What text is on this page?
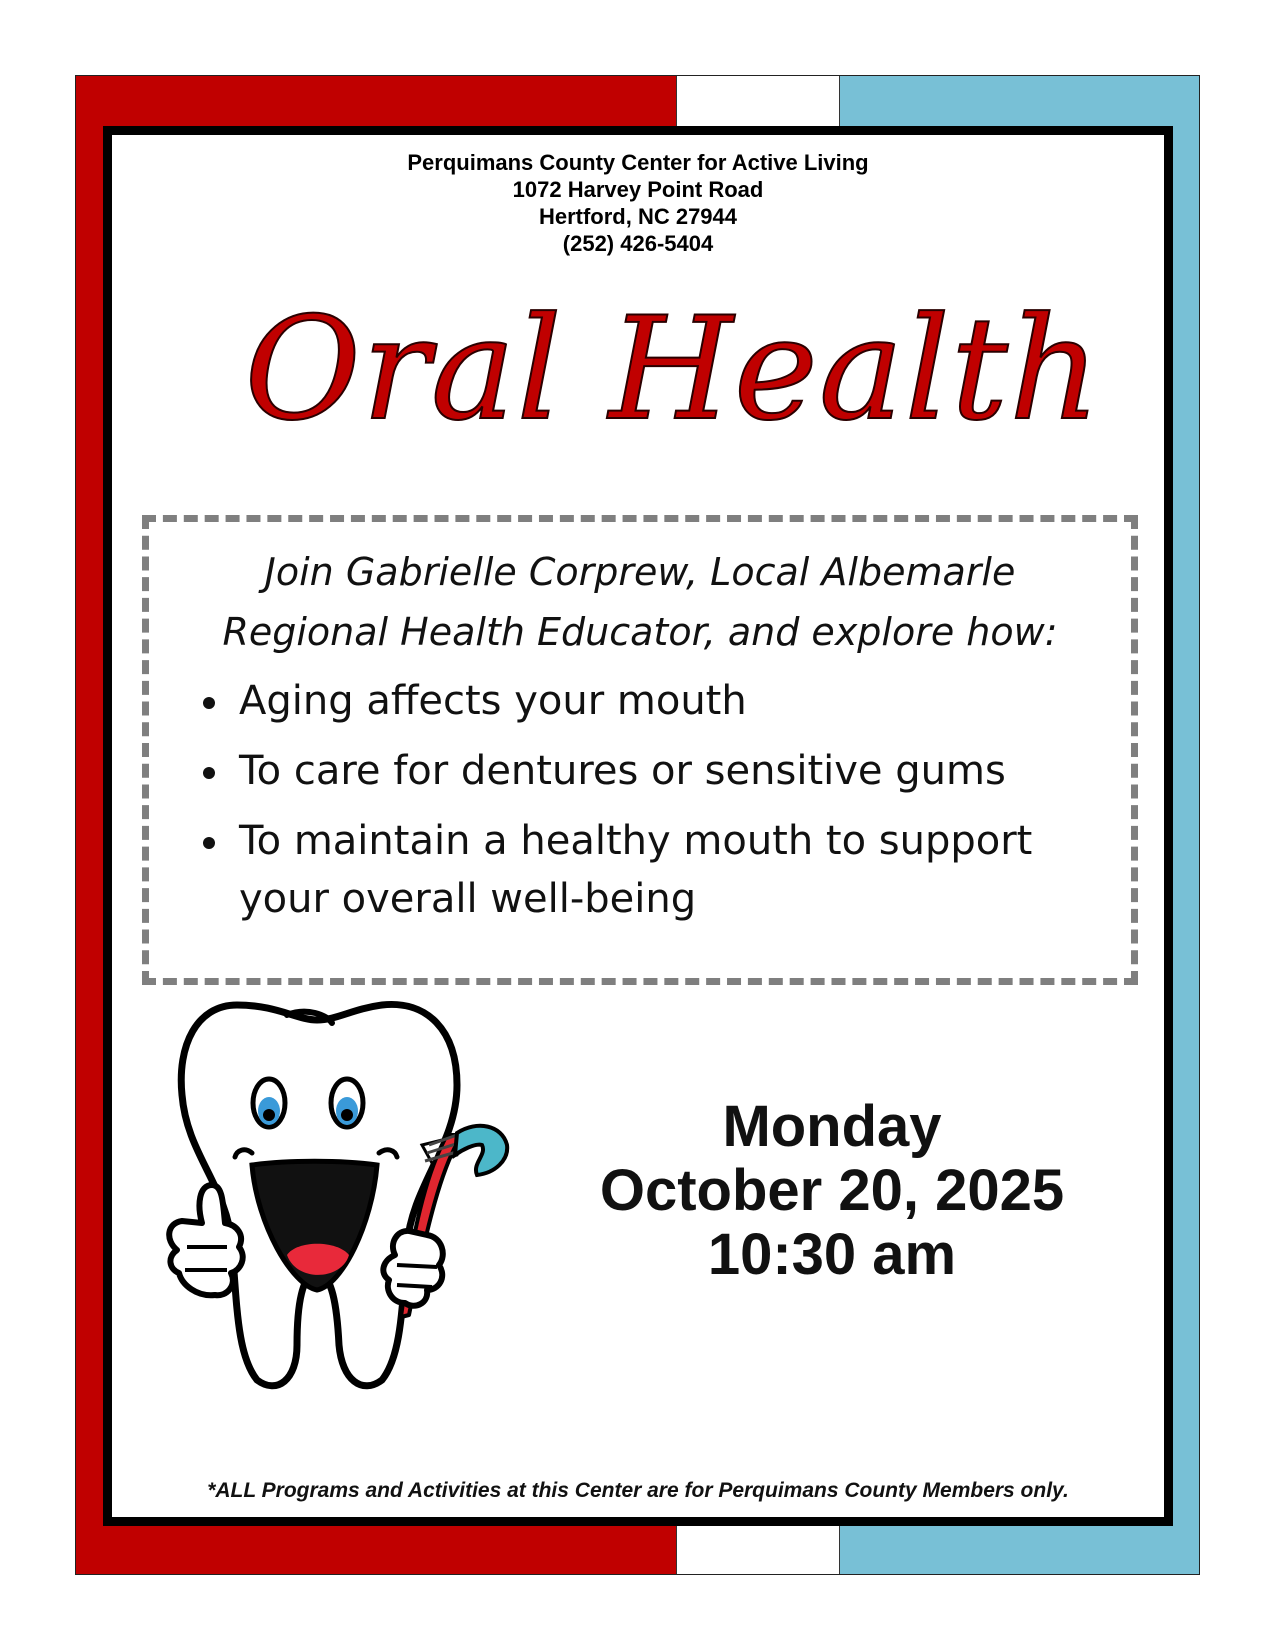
Perquimans County Center for Active Living
1072 Harvey Point Road
Hertford, NC 27944
(252) 426-5404
Oral Health
Join Gabrielle Corprew, Local Albemarle
Regional Health Educator, and explore how:
Aging affects your mouth
To care for dentures or sensitive gums
To maintain a healthy mouth to support your overall well-being
Monday
October 20, 2025
10:30 am
*ALL Programs and Activities at this Center are for Perquimans County Members only.
